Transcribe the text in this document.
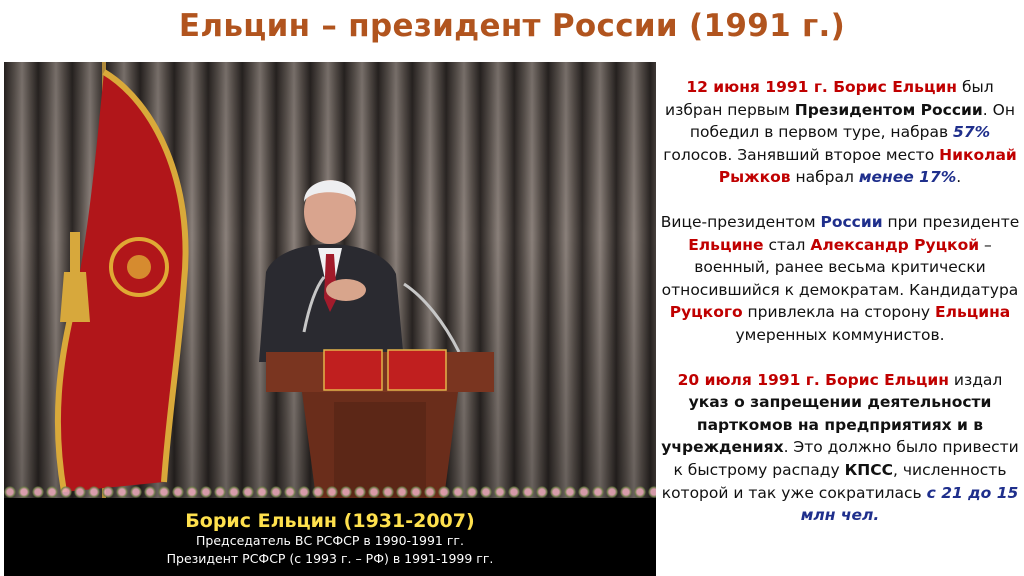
Ельцин – президент России (1991 г.)
Борис Ельцин (1931-2007)
Председатель ВС РСФСР в 1990-1991 гг.
Президент РСФСР (с 1993 г. – РФ) в 1991-1999 гг.

12 июня 1991 г. Борис Ельцин был избран первым Президентом России. Он победил в первом туре, набрав 57% голосов. Занявший второе место Николай Рыжков набрал менее 17%.

Вице-президентом России при президенте Ельцине стал Александр Руцкой – военный, ранее весьма критически относившийся к демократам. Кандидатура Руцкого привлекла на сторону Ельцина умеренных коммунистов.

20 июля 1991 г. Борис Ельцин издал указ о запрещении деятельности парткомов на предприятиях и в учреждениях. Это должно было привести к быстрому распаду КПСС, численность которой и так уже сократилась с 21 до 15 млн чел.
